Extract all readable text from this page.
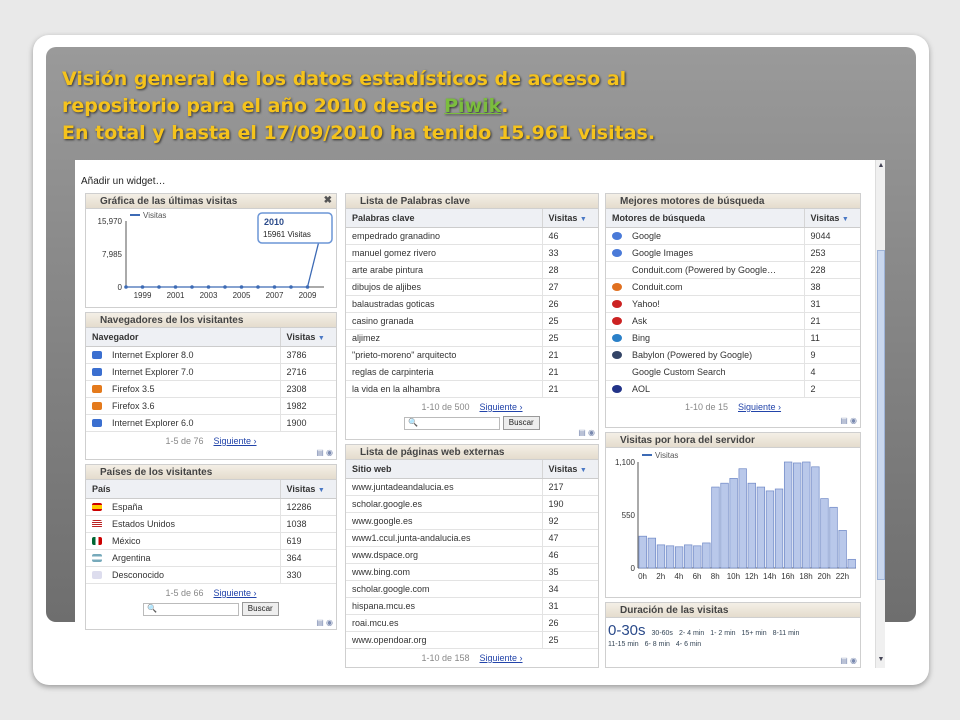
Visión general de los datos estadísticos de acceso al
repositorio para el año 2010 desde Piwik.
En total y hasta el 17/09/2010 ha tenido 15.961 visitas.
Añadir un widget…
Gráfica de las últimas visitas	✖
15,970
7,985
0
1999 2001 2003 2005 2007 2009
Visitas
2010
15961 Visitas
Navegadores de los visitantes
Navegador	Visitas ▼
Internet Explorer 8.0	3786
Internet Explorer 7.0	2716
Firefox 3.5	2308
Firefox 3.6	1982
Internet Explorer 6.0	1900
1-5 de 76 Siguiente ›
▤ ◉
Países de los visitantes
País	Visitas ▼
España	12286
Estados Unidos	1038
México	619
Argentina	364
Desconocido	330
1-5 de 66 Siguiente ›
🔍	Buscar
▤ ◉
Lista de Palabras clave
Palabras clave	Visitas ▼
empedrado granadino	46
manuel gomez rivero	33
arte arabe pintura	28
dibujos de aljibes	27
balaustradas goticas	26
casino granada	25
aljimez	25
"prieto-moreno" arquitecto	21
reglas de carpinteria	21
la vida en la alhambra	21
1-10 de 500 Siguiente ›
🔍	Buscar
▤ ◉
Lista de páginas web externas
Sitio web	Visitas ▼
www.juntadeandalucia.es	217
scholar.google.es	190
www.google.es	92
www1.ccul.junta-andalucia.es	47
www.dspace.org	46
www.bing.com	35
scholar.google.com	34
hispana.mcu.es	31
roai.mcu.es	26
www.opendoar.org	25
1-10 de 158 Siguiente ›
Mejores motores de búsqueda
Motores de búsqueda	Visitas ▼
Google	9044
Google Images	253
Conduit.com (Powered by Google…	228
Conduit.com	38
Yahoo!	31
Ask	21
Bing	11
Babylon (Powered by Google)	9
Google Custom Search	4
AOL	2
1-10 de 15 Siguiente ›
▤ ◉
Visitas por hora del servidor
1,100
550
0
0h 2h 4h 6h 8h 10h 12h 14h 16h 18h 20h 22h
Visitas
Duración de las visitas
0-30s 30-60s 2- 4 min 1- 2 min 15+ min 8-11 min
11-15 min 6- 8 min 4- 6 min
▤ ◉
▲
▼
